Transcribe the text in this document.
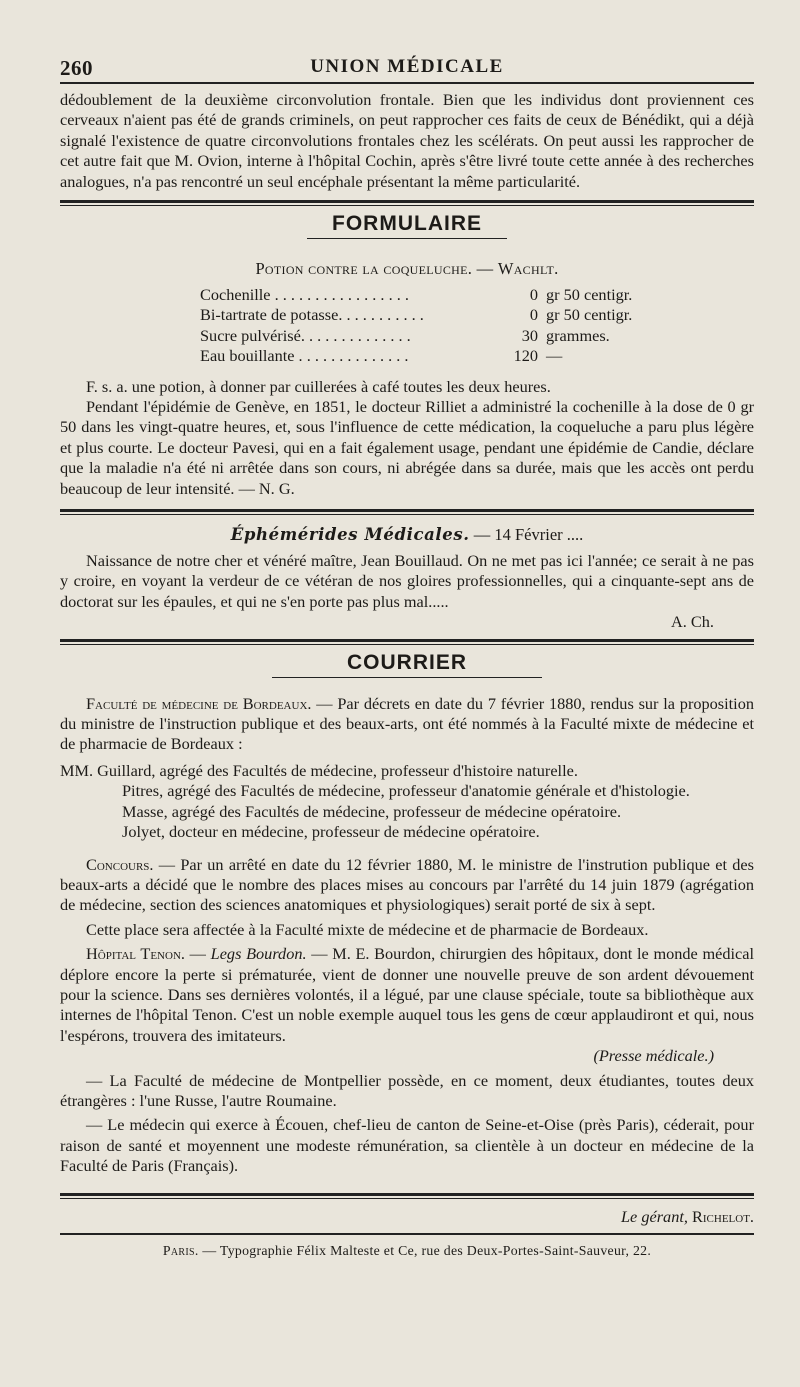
260	UNION MÉDICALE

dédoublement de la deuxième circonvolution frontale. Bien que les individus dont proviennent ces cerveaux n'aient pas été de grands criminels, on peut rapprocher ces faits de ceux de Bénédikt, qui a déjà signalé l'existence de quatre circonvolutions frontales chez les scélérats. On peut aussi les rapprocher de cet autre fait que M. Ovion, interne à l'hôpital Cochin, après s'être livré toute cette année à des recherches analogues, n'a pas rencontré un seul encéphale présentant la même particularité.

FORMULAIRE
Potion contre la coqueluche. — Wachlt.
Cochenille . . . . . . . . . . . . . . . . .	0	gr 50 centigr.
Bi-tartrate de potasse. . . . . . . . . . .	0	gr 50 centigr.
Sucre pulvérisé. . . . . . . . . . . . . .	30	grammes.
Eau bouillante . . . . . . . . . . . . . .	120	—

F. s. a. une potion, à donner par cuillerées à café toutes les deux heures.

Pendant l'épidémie de Genève, en 1851, le docteur Rilliet a administré la cochenille à la dose de 0 gr 50 dans les vingt-quatre heures, et, sous l'influence de cette médication, la coqueluche a paru plus légère et plus courte. Le docteur Pavesi, qui en a fait également usage, pendant une épidémie de Candie, déclare que la maladie n'a été ni arrêtée dans son cours, ni abrégée dans sa durée, mais que les accès ont perdu beaucoup de leur intensité. — N. G.

Éphémérides Médicales. — 14 Février ....

Naissance de notre cher et vénéré maître, Jean Bouillaud. On ne met pas ici l'année; ce serait à ne pas y croire, en voyant la verdeur de ce vétéran de nos gloires professionnelles, qui a cinquante-sept ans de doctorat sur les épaules, et qui ne s'en porte pas plus mal.....

A. Ch.
COURRIER

Faculté de médecine de Bordeaux. — Par décrets en date du 7 février 1880, rendus sur la proposition du ministre de l'instruction publique et des beaux-arts, ont été nommés à la Faculté mixte de médecine et de pharmacie de Bordeaux :

MM. Guillard, agrégé des Facultés de médecine, professeur d'histoire naturelle.

Pitres, agrégé des Facultés de médecine, professeur d'anatomie générale et d'histologie.

Masse, agrégé des Facultés de médecine, professeur de médecine opératoire.

Jolyet, docteur en médecine, professeur de médecine opératoire.

Concours. — Par un arrêté en date du 12 février 1880, M. le ministre de l'instrution publique et des beaux-arts a décidé que le nombre des places mises au concours par l'arrêté du 14 juin 1879 (agrégation de médecine, section des sciences anatomiques et physiologiques) serait porté de six à sept.

Cette place sera affectée à la Faculté mixte de médecine et de pharmacie de Bordeaux.

Hôpital Tenon. — Legs Bourdon. — M. E. Bourdon, chirurgien des hôpitaux, dont le monde médical déplore encore la perte si prématurée, vient de donner une nouvelle preuve de son ardent dévouement pour la science. Dans ses dernières volontés, il a légué, par une clause spéciale, toute sa bibliothèque aux internes de l'hôpital Tenon. C'est un noble exemple auquel tous les gens de cœur applaudiront et qui, nous l'espérons, trouvera des imitateurs.

(Presse médicale.)

— La Faculté de médecine de Montpellier possède, en ce moment, deux étudiantes, toutes deux étrangères : l'une Russe, l'autre Roumaine.

— Le médecin qui exerce à Écouen, chef-lieu de canton de Seine-et-Oise (près Paris), céderait, pour raison de santé et moyennent une modeste rémunération, sa clientèle à un docteur en médecine de la Faculté de Paris (Français).

Le gérant, Richelot.
Paris. — Typographie Félix Malteste et Ce, rue des Deux-Portes-Saint-Sauveur, 22.
